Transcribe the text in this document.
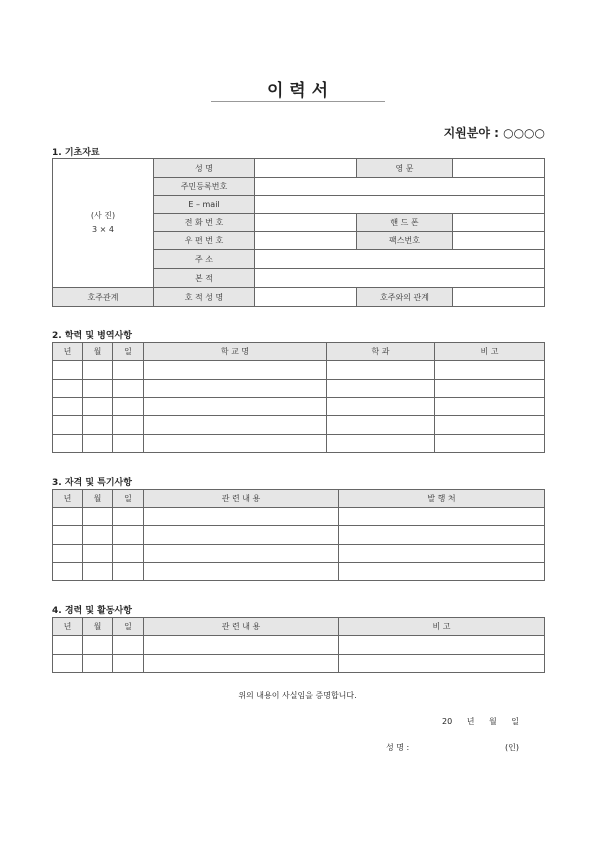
이 력 서
지원분야 : ○○○○
1. 기초자료
(사 진)
3 × 4	성 명		영 문	
	주민등록번호			
	E – mail			
	전 화 번 호		핸 드 폰	
	우 편 번 호		팩스번호	
	주 소			
	본 적			
호주관계	호 적 성 명		호주와의 관계	
2. 학력 및 병역사항
년	월	일	학 교 명	학 과	비 고

3. 자격 및 특기사항
년	월	일	관 련 내 용	발 행 처

4. 경력 및 활동사항
년	월	일	관 련 내 용	비 고

위의 내용이 사실임을 증명합니다.
20 년 월 일
성 명 :	(인)
